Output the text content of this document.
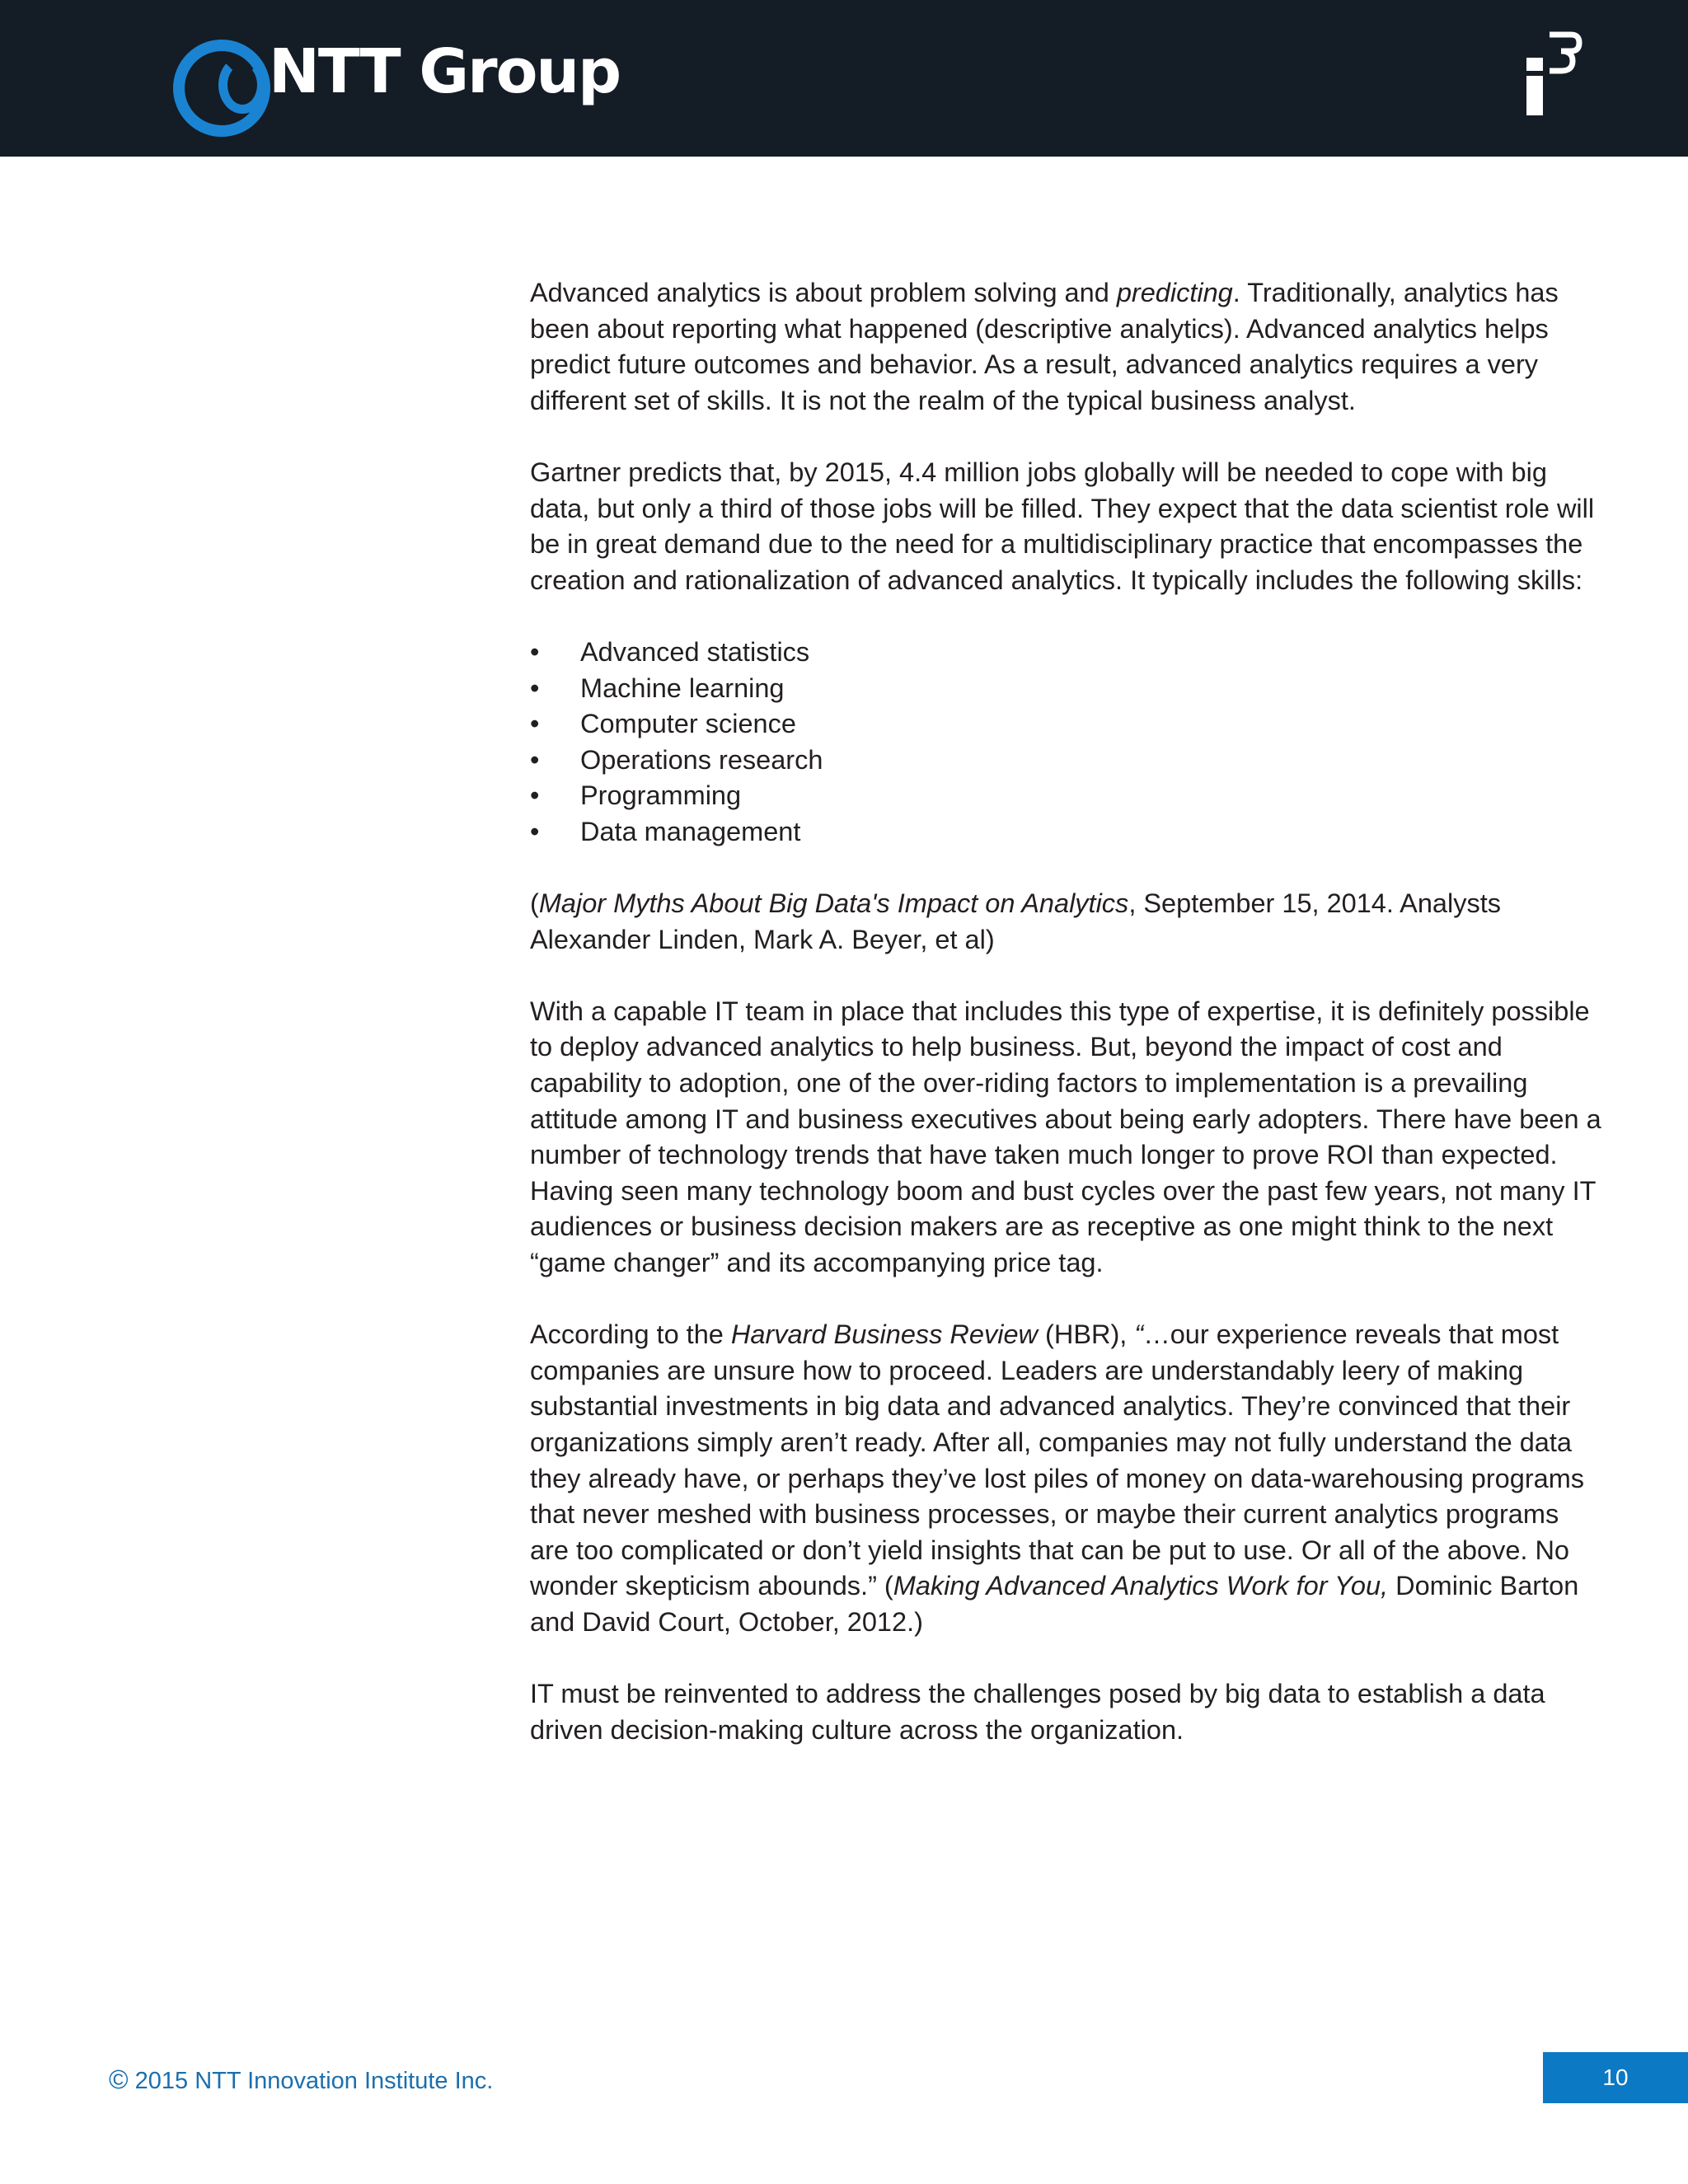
NTT Group

Advanced analytics is about problem solving and predicting. Traditionally, analytics has been about reporting what happened (descriptive analytics). Advanced analytics helps predict future outcomes and behavior. As a result, advanced analytics requires a very different set of skills. It is not the realm of the typical business analyst.

Gartner predicts that, by 2015, 4.4 million jobs globally will be needed to cope with big data, but only a third of those jobs will be filled. They expect that the data scientist role will be in great demand due to the need for a multidisciplinary practice that encompasses the creation and rationalization of advanced analytics. It typically includes the following skills:

• Advanced statistics
• Machine learning
• Computer science
• Operations research
• Programming
• Data management

(Major Myths About Big Data's Impact on Analytics, September 15, 2014. Analysts Alexander Linden, Mark A. Beyer, et al)

With a capable IT team in place that includes this type of expertise, it is definitely possible to deploy advanced analytics to help business. But, beyond the impact of cost and capability to adoption, one of the over-riding factors to implementation is a prevailing attitude among IT and business executives about being early adopters. There have been a number of technology trends that have taken much longer to prove ROI than expected. Having seen many technology boom and bust cycles over the past few years, not many IT audiences or business decision makers are as receptive as one might think to the next “game changer” and its accompanying price tag.

According to the Harvard Business Review (HBR), “…our experience reveals that most companies are unsure how to proceed. Leaders are understandably leery of making substantial investments in big data and advanced analytics. They’re convinced that their organizations simply aren’t ready. After all, companies may not fully understand the data they already have, or perhaps they’ve lost piles of money on data-warehousing programs that never meshed with business processes, or maybe their current analytics programs are too complicated or don’t yield insights that can be put to use. Or all of the above. No wonder skepticism abounds.” (Making Advanced Analytics Work for You, Dominic Barton and David Court, October, 2012.)

IT must be reinvented to address the challenges posed by big data to establish a data driven decision-making culture across the organization.

© 2015 NTT Innovation Institute Inc.	10
